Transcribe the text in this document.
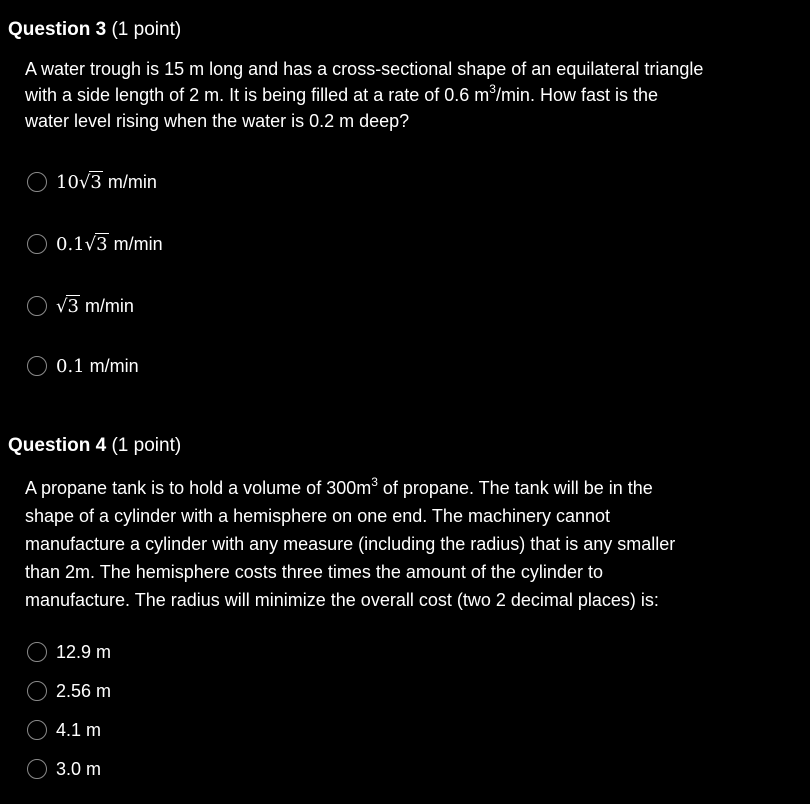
Question 3 (1 point)
A water trough is 15 m long and has a cross-sectional shape of an equilateral triangle
with a side length of 2 m. It is being filled at a rate of 0.6 $m^3/\min$. How fast is the
water level rising when the water is 0.2 m deep?
10√3 m/min
0.1√3 m/min
√3 m/min
0.1 m/min
Question 4 (1 point)
A propane tank is to hold a volume of $300m^3$ of propane. The tank will be in the
shape of a cylinder with a hemisphere on one end. The machinery cannot
manufacture a cylinder with any measure (including the radius) that is any smaller
than 2m. The hemisphere costs three times the amount of the cylinder to
manufacture. The radius will minimize the overall cost (two 2 decimal places) is:
12.9 m
2.56 m
4.1 m
3.0 m
